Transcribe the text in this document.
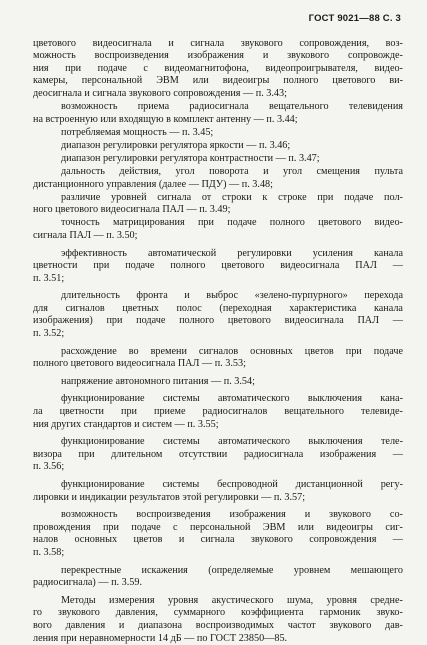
ГОСТ 9021—88 С. 3
цветового видеосигнала и сигнала звукового сопровождения, воз-
можность воспроизведения изображения и звукового сопровожде-
ния при подаче с видеомагнитофона, видеопроигрывателя, видео-
камеры, персональной ЭВМ или видеоигры полного цветового ви-
деосигнала и сигнала звукового сопровождения — п. 3.43;
возможность приема радиосигнала вещательного телевидения
на встроенную или входящую в комплект антенну — п. 3.44;
потребляемая мощность — п. 3.45;
диапазон регулировки регулятора яркости — п. 3.46;
диапазон регулировки регулятора контрастности — п. 3.47;
дальность действия, угол поворота и угол смещения пульта
дистанционного управления (далее — ПДУ) — п. 3.48;
различие уровней сигнала от строки к строке при подаче пол-
ного цветового видеосигнала ПАЛ — п. 3.49;
точность матрицирования при подаче полного цветового видео-
сигнала ПАЛ — п. 3.50;
эффективность автоматической регулировки усиления канала
цветности при подаче полного цветового видеосигнала ПАЛ —
п. 3.51;
длительность фронта и выброс «зелено-пурпурного» перехода
для сигналов цветных полос (переходная характеристика канала
изображения) при подаче полного цветового видеосигнала ПАЛ —
п. 3.52;
расхождение во времени сигналов основных цветов при подаче
полного цветового видеосигнала ПАЛ — п. 3.53;
напряжение автономного питания — п. 3.54;
функционирование системы автоматического выключения кана-
ла цветности при приеме радиосигналов вещательного телевиде-
ния других стандартов и систем — п. 3.55;
функционирование системы автоматического выключения теле-
визора при длительном отсутствии радиосигнала изображения —
п. 3.56;
функционирование системы беспроводной дистанционной регу-
лировки и индикации результатов этой регулировки — п. 3.57;
возможность воспроизведения изображения и звукового со-
провождения при подаче с персональной ЭВМ или видеоигры сиг-
налов основных цветов и сигнала звукового сопровождения —
п. 3.58;
перекрестные искажения (определяемые уровнем мешающего
радиосигнала) — п. 3.59.
Методы измерения уровня акустического шума, уровня средне-
го звукового давления, суммарного коэффициента гармоник звуко-
вого давления и диапазона воспроизводимых частот звукового дав-
ления при неравномерности 14 дБ — по ГОСТ 23850—85.
